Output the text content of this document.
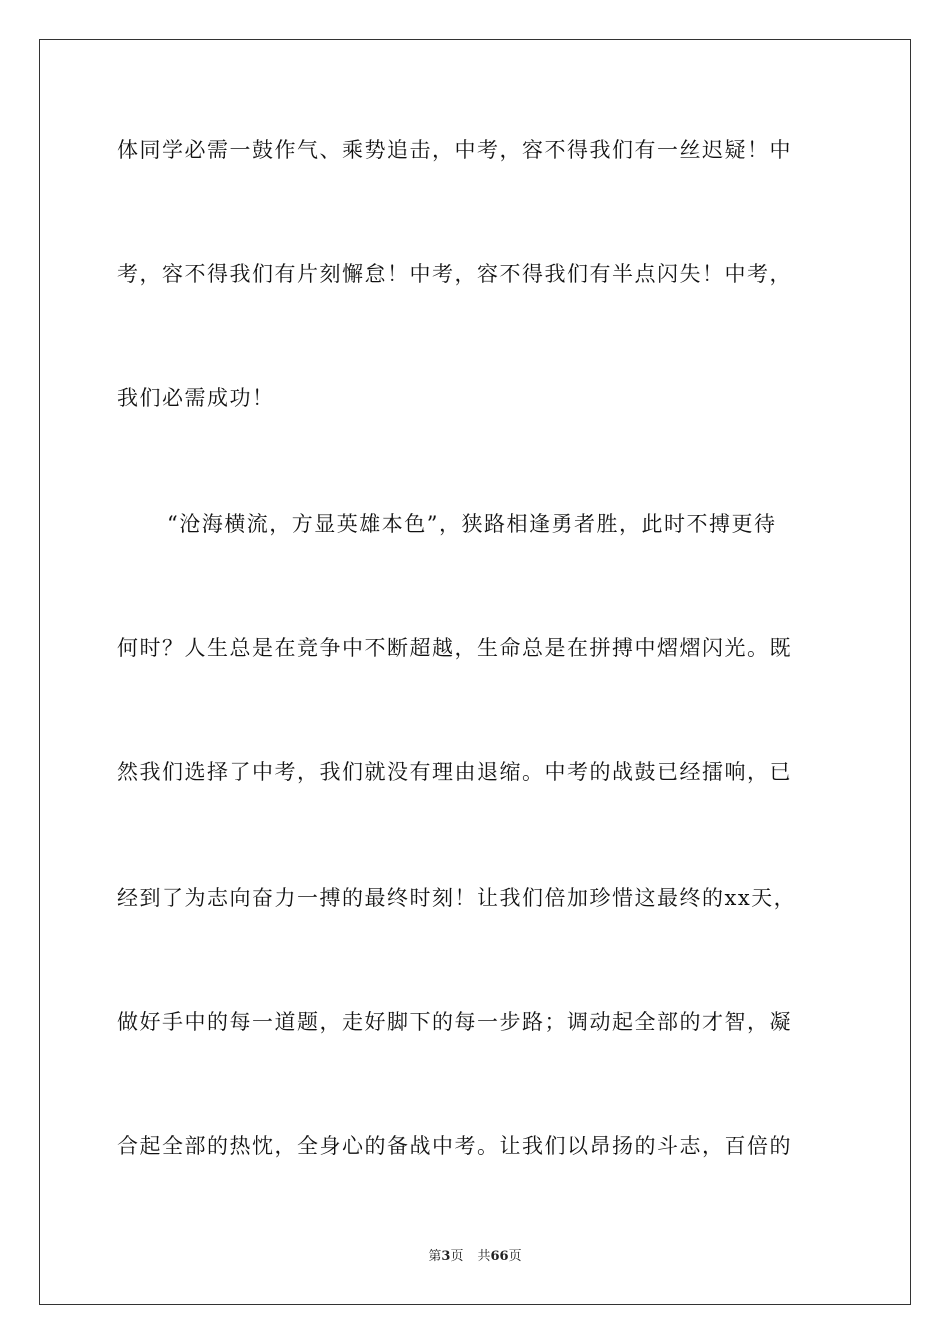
体同学必需一鼓作气、乘势追击，中考，容不得我们有一丝迟疑！中
考，容不得我们有片刻懈怠！中考，容不得我们有半点闪失！中考，
我们必需成功！
“沧海横流，方显英雄本色”，狭路相逢勇者胜，此时不搏更待
何时？人生总是在竞争中不断超越，生命总是在拼搏中熠熠闪光。既
然我们选择了中考，我们就没有理由退缩。中考的战鼓已经擂响，已
经到了为志向奋力一搏的最终时刻！让我们倍加珍惜这最终的xx天，
做好手中的每一道题，走好脚下的每一步路；调动起全部的才智，凝
合起全部的热忱，全身心的备战中考。让我们以昂扬的斗志，百倍的
第3页 共66页
